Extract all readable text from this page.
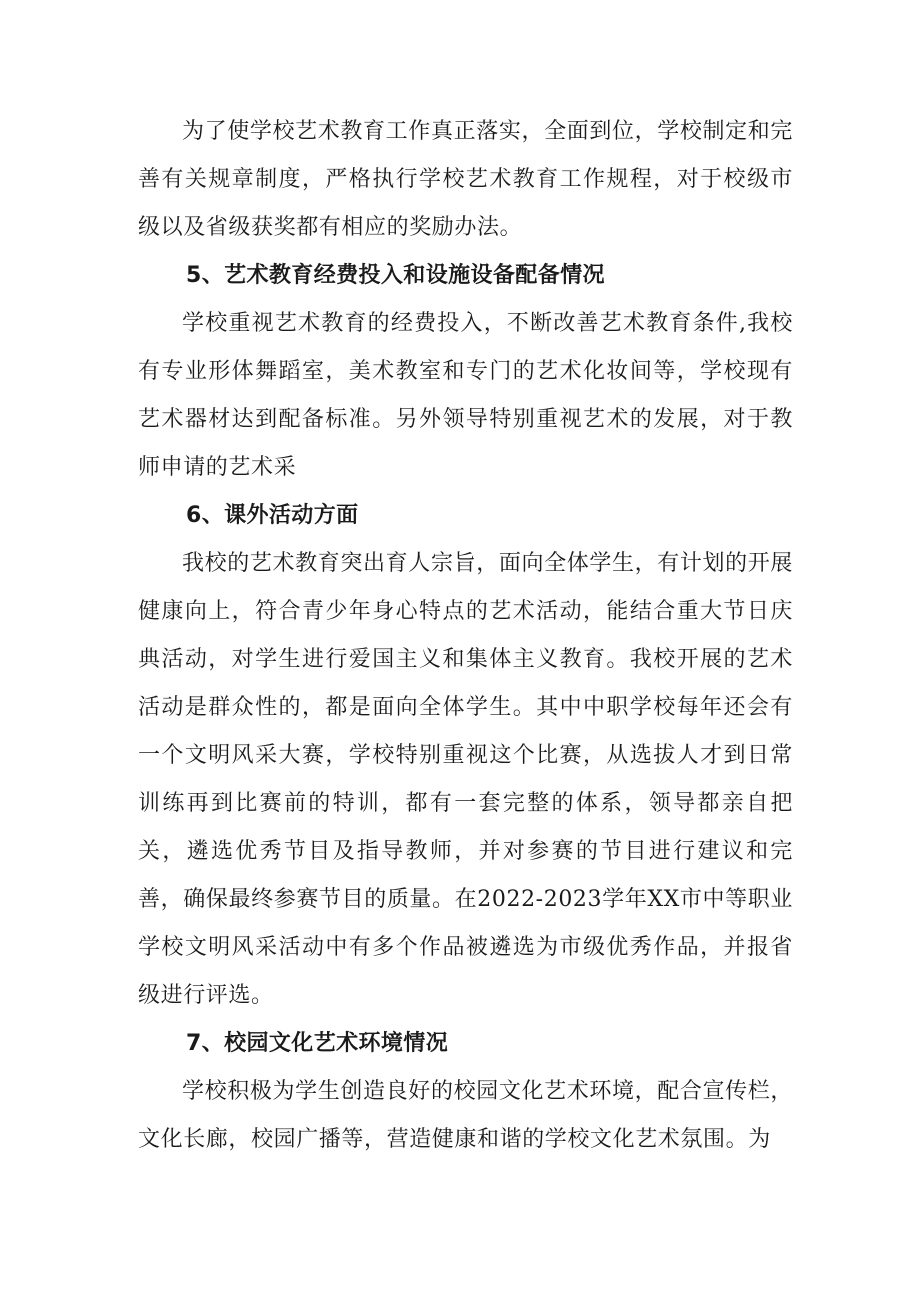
为了使学校艺术教育工作真正落实，全面到位，学校制定和完善有关规章制度，严格执行学校艺术教育工作规程，对于校级市级以及省级获奖都有相应的奖励办法。

5、艺术教育经费投入和设施设备配备情况

学校重视艺术教育的经费投入，不断改善艺术教育条件,我校有专业形体舞蹈室，美术教室和专门的艺术化妆间等，学校现有艺术器材达到配备标准。另外领导特别重视艺术的发展，对于教师申请的艺术采

6、课外活动方面

我校的艺术教育突出育人宗旨，面向全体学生，有计划的开展健康向上，符合青少年身心特点的艺术活动，能结合重大节日庆典活动，对学生进行爱国主义和集体主义教育。我校开展的艺术活动是群众性的，都是面向全体学生。其中中职学校每年还会有一个文明风采大赛，学校特别重视这个比赛，从选拔人才到日常训练再到比赛前的特训，都有一套完整的体系，领导都亲自把关，遴选优秀节目及指导教师，并对参赛的节目进行建议和完善，确保最终参赛节目的质量。在2022-2023学年XX市中等职业学校文明风采活动中有多个作品被遴选为市级优秀作品，并报省级进行评选。

7、校园文化艺术环境情况

学校积极为学生创造良好的校园文化艺术环境，配合宣传栏，文化长廊，校园广播等，营造健康和谐的学校文化艺术氛围。为
